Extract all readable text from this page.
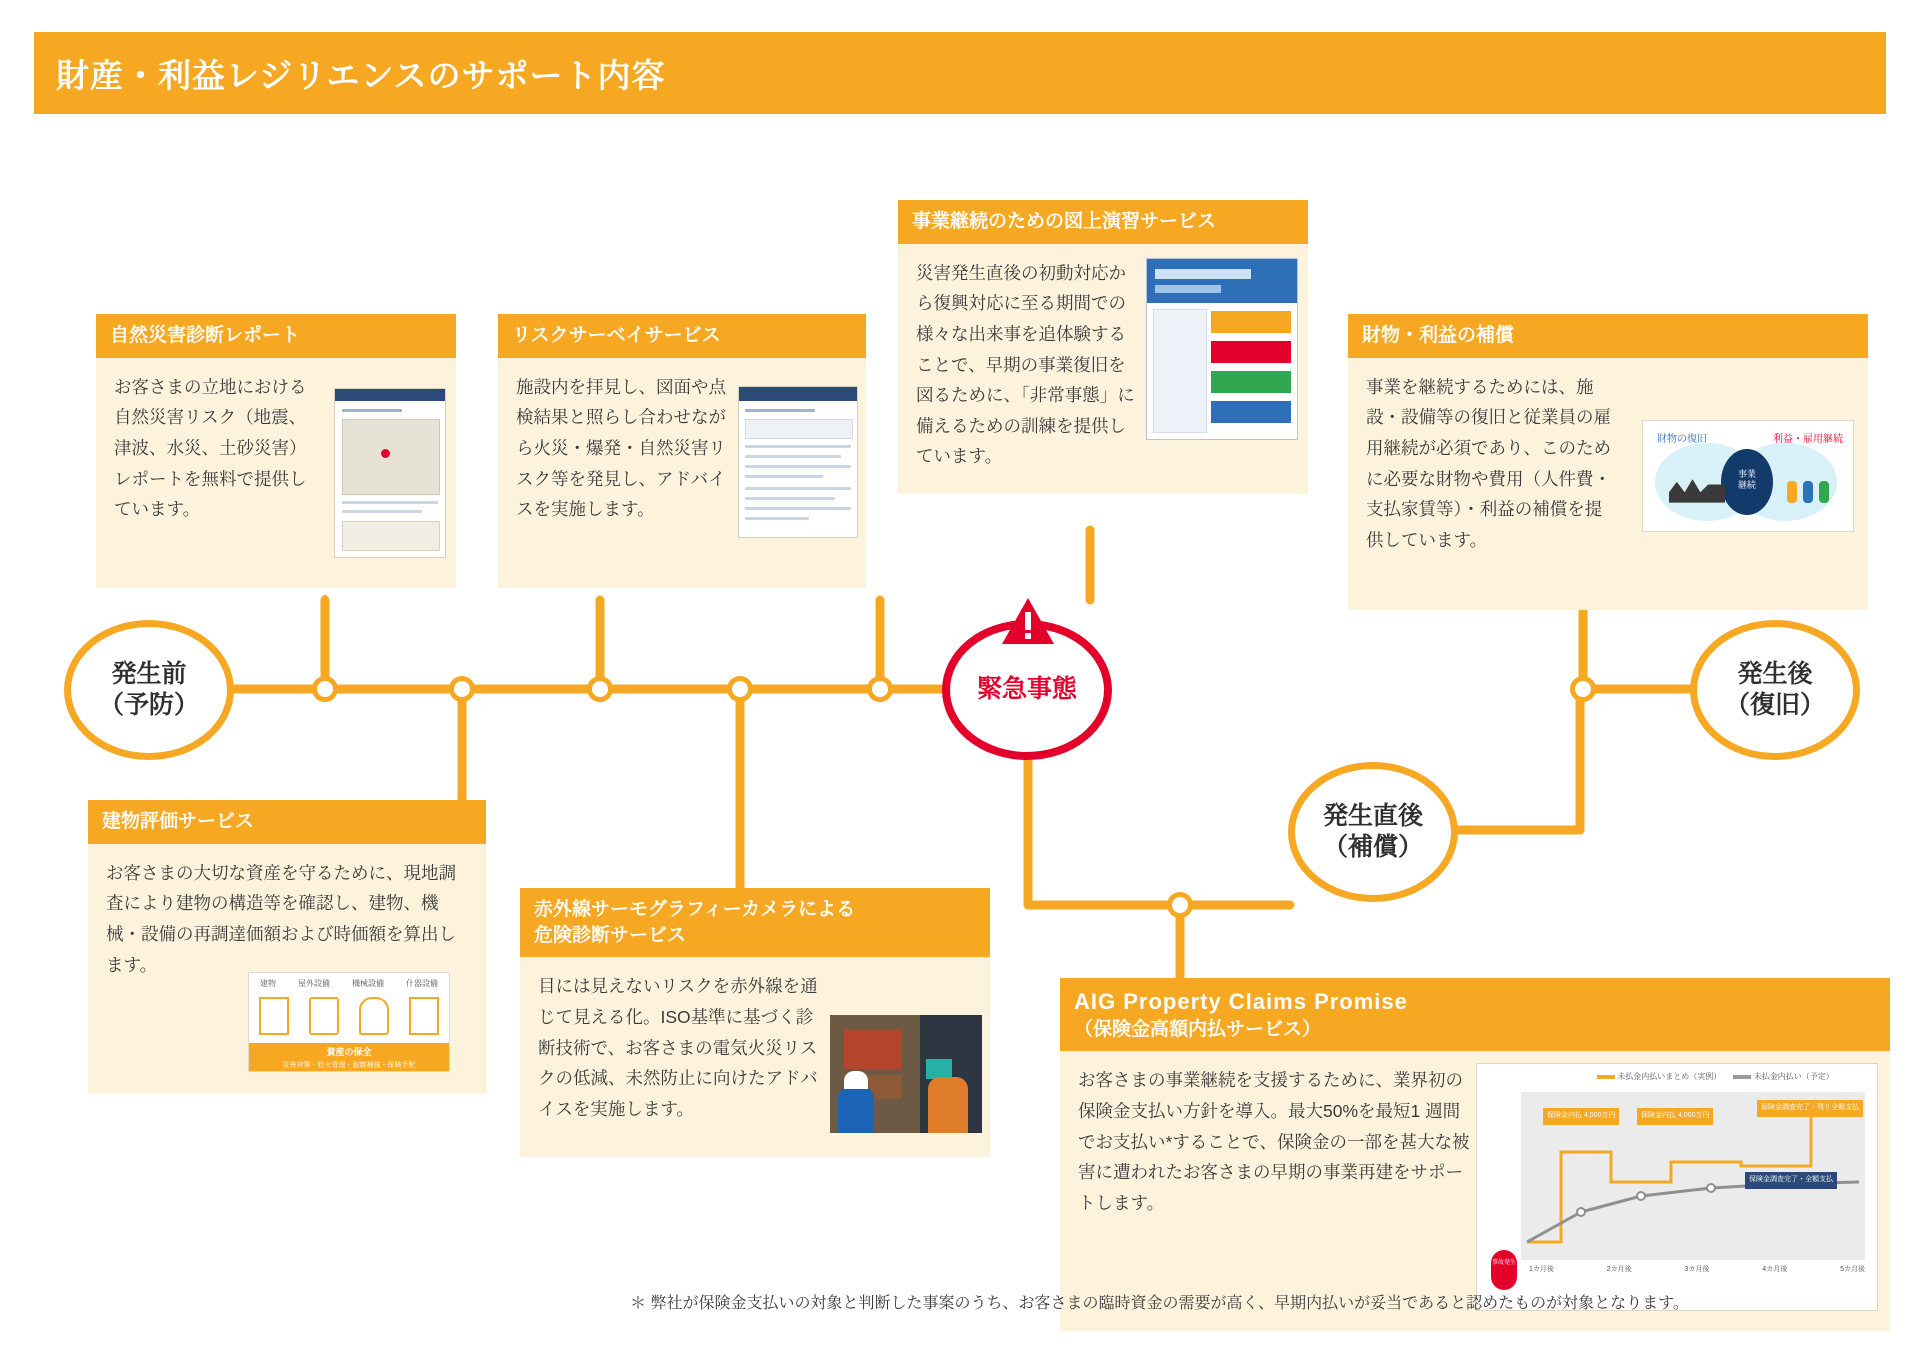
財産・利益レジリエンスのサポート内容
自然災害診断レポート

お客さまの立地における自然災害リスク（地震、津波、水災、土砂災害）レポートを無料で提供しています。

リスクサーベイサービス

施設内を拝見し、図面や点検結果と照らし合わせながら火災・爆発・自然災害リスク等を発見し、アドバイスを実施します。

事業継続のための図上演習サービス

災害発生直後の初動対応から復興対応に至る期間での様々な出来事を追体験することで、早期の事業復旧を図るために、「非常事態」に備えるための訓練を提供しています。

財物・利益の補償

事業を継続するためには、施設・設備等の復旧と従業員の雇用継続が必須であり、このために必要な財物や費用（人件費・支払家賃等）・利益の補償を提供しています。

事業
継続
財物の復旧	利益・雇用継続
建物評価サービス

お客さまの大切な資産を守るために、現地調査により建物の構造等を確認し、建物、機械・設備の再調達価額および時価額を算出します。

建物	屋外設備	機械設備	什器設備
資産の保全
災害対策・防火管理・耐震補強・保険手配
赤外線サーモグラフィーカメラによる
危険診断サービス

目には見えないリスクを赤外線を通じて見える化。ISO基準に基づく診断技術で、お客さまの電気火災リスクの低減、未然防止に向けたアドバイスを実施します。

AIG Property Claims Promise
（保険金高額内払サービス）

お客さまの事業継続を支援するために、業界初の保険金支払い方針を導入。最大50%を最短1 週間でお支払い*することで、保険金の一部を甚大な被害に遭われたお客さまの早期の事業再建をサポートします。

未払金内払いまとめ（実例）	未払金内払い（予定）
保険金内払 4,000万円	保険金内払 4,000万円
保険金調査完了・残り全額支払
保険金調査完了・全額支払
事故発生
1カ月後	2カ月後	3カ月後	4カ月後	5カ月後
発生前
（予防）
緊急事態
発生直後
（補償）
発生後
（復旧）
＊ 弊社が保険金支払いの対象と判断した事案のうち、お客さまの臨時資金の需要が高く、早期内払いが妥当であると認めたものが対象となります。
